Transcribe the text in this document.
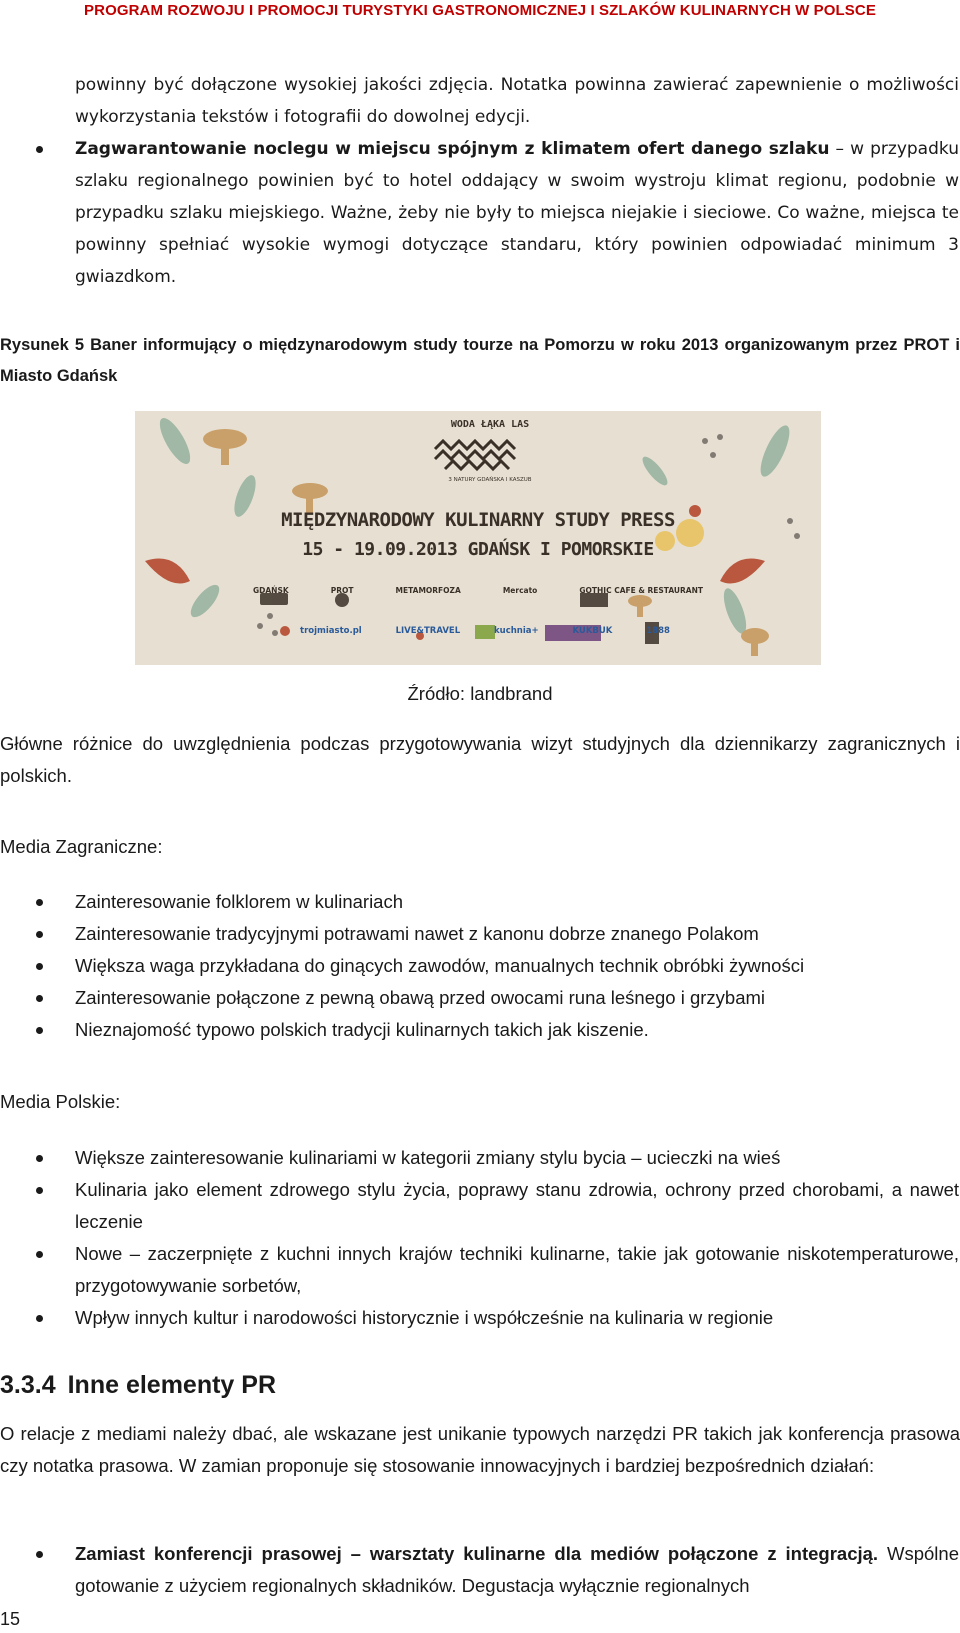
PROGRAM ROZWOJU I PROMOCJI TURYSTYKI GASTRONOMICZNEJ I SZLAKÓW KULINARNYCH W POLSCE

powinny być dołączone wysokiej jakości zdjęcia. Notatka powinna zawierać zapewnienie o możliwości wykorzystania tekstów i fotografii do dowolnej edycji.

Zagwarantowanie noclegu w miejscu spójnym z klimatem ofert danego szlaku – w przypadku szlaku regionalnego powinien być to hotel oddający w swoim wystroju klimat regionu, podobnie w przypadku szlaku miejskiego. Ważne, żeby nie były to miejsca niejakie i sieciowe. Co ważne, miejsca te powinny spełniać wysokie wymogi dotyczące standaru, który powinien odpowiadać minimum 3 gwiazdkom.

Rysunek 5 Baner informujący o międzynarodowym study tourze na Pomorzu w roku 2013 organizowanym przez PROT i Miasto Gdańsk

WODA ŁĄKA LAS
3 NATURY GDAŃSKA I KASZUB
MIĘDZYNARODOWY KULINARNY STUDY PRESS
15 - 19.09.2013 GDAŃSK I POMORSKIE
GDAŃSK	PROT	METAMORFOZA	Mercato	GOTHIC CAFE & RESTAURANT
trojmiasto.pl	LIVE&TRAVEL	kuchnia+	KUKBUK	1888

Źródło: landbrand

Główne różnice do uwzględnienia podczas przygotowywania wizyt studyjnych dla dziennikarzy zagranicznych i polskich.

Media Zagraniczne:

Zainteresowanie folklorem w kulinariach

Zainteresowanie tradycyjnymi potrawami nawet z kanonu dobrze znanego Polakom

Większa waga przykładana do ginących zawodów, manualnych technik obróbki żywności

Zainteresowanie połączone z pewną obawą przed owocami runa leśnego i grzybami

Nieznajomość typowo polskich tradycji kulinarnych takich jak kiszenie.

Media Polskie:

Większe zainteresowanie kulinariami w kategorii zmiany stylu bycia – ucieczki na wieś

Kulinaria jako element zdrowego stylu życia, poprawy stanu zdrowia, ochrony przed chorobami, a nawet leczenie

Nowe – zaczerpnięte z kuchni innych krajów techniki kulinarne, takie jak gotowanie niskotemperaturowe, przygotowywanie sorbetów,

Wpływ innych kultur i narodowości historycznie i współcześnie na kulinaria w regionie

3.3.4 Inne elementy PR

O relacje z mediami należy dbać, ale wskazane jest unikanie typowych narzędzi PR takich jak konferencja prasowa czy notatka prasowa. W zamian proponuje się stosowanie innowacyjnych i bardziej bezpośrednich działań:

Zamiast konferencji prasowej – warsztaty kulinarne dla mediów połączone z integracją. Wspólne gotowanie z użyciem regionalnych składników. Degustacja wyłącznie regionalnych

15
